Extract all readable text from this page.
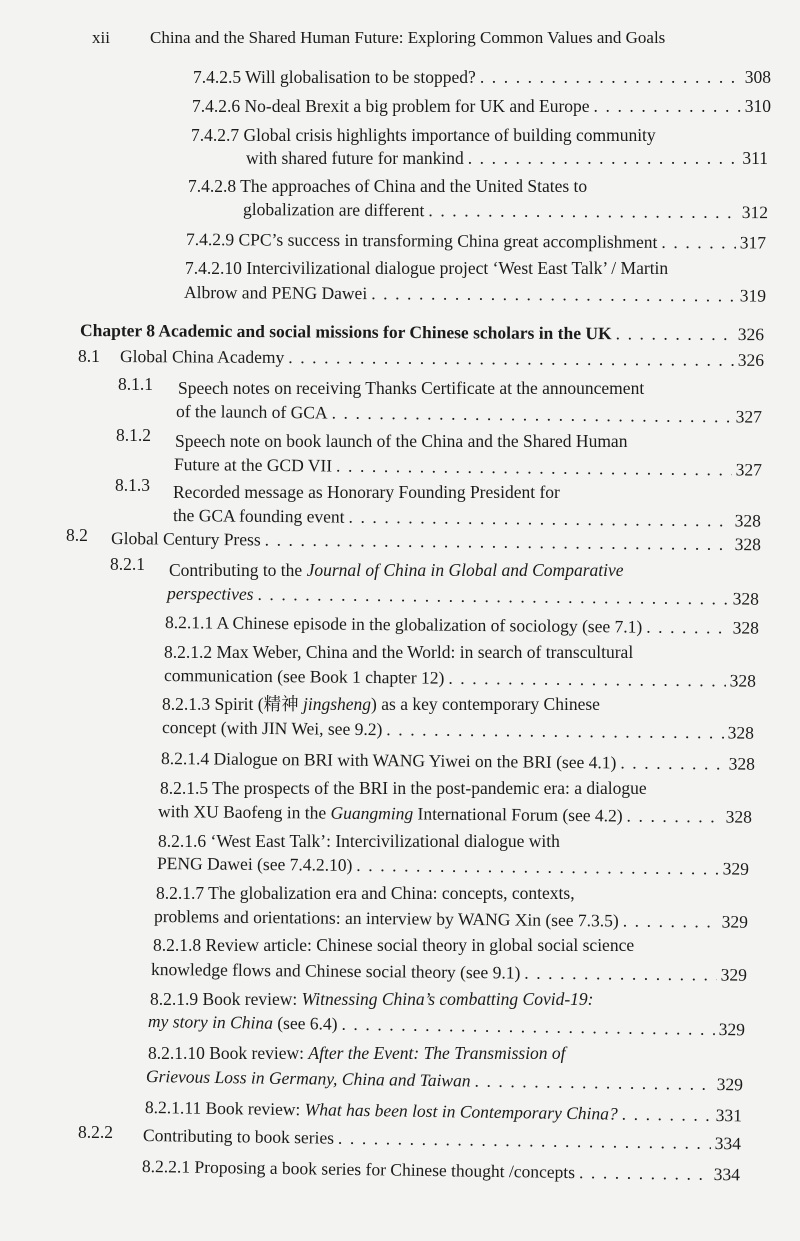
xii China and the Shared Human Future: Exploring Common Values and Goals
7.4.2.5 Will globalisation to be stopped? . . .	308
7.4.2.6 No-deal Brexit a big problem for UK and Europe . . .	310
7.4.2.7 Global crisis highlights importance of building community
with shared future for mankind . . .	311
7.4.2.8 The approaches of China and the United States to
globalization are different . . .	312
7.4.2.9 CPC’s success in transforming China great accomplishment . . .	317
7.4.2.10 Intercivilizational dialogue project ‘West East Talk’ / Martin
Albrow and PENG Dawei . . .	319
Chapter 8 Academic and social missions for Chinese scholars in the UK . . .	326
8.1 Global China Academy . . .	326
8.1.1 Speech notes on receiving Thanks Certificate at the announcement
of the launch of GCA . . .	327
8.1.2 Speech note on book launch of the China and the Shared Human
Future at the GCD VII . . .	327
8.1.3 Recorded message as Honorary Founding President for
the GCA founding event . . .	328
8.2 Global Century Press . . .	328
8.2.1 Contributing to the Journal of China in Global and Comparative
perspectives . . .	328
8.2.1.1 A Chinese episode in the globalization of sociology (see 7.1) . . .	328
8.2.1.2 Max Weber, China and the World: in search of transcultural
communication (see Book 1 chapter 12) . . .	328
8.2.1.3 Spirit (精神 jingsheng) as a key contemporary Chinese
concept (with JIN Wei, see 9.2) . . .	328
8.2.1.4 Dialogue on BRI with WANG Yiwei on the BRI (see 4.1) . . .	328
8.2.1.5 The prospects of the BRI in the post-pandemic era: a dialogue
with XU Baofeng in the Guangming International Forum (see 4.2) . . .	328
8.2.1.6 ‘West East Talk’: Intercivilizational dialogue with
PENG Dawei (see 7.4.2.10) . . .	329
8.2.1.7 The globalization era and China: concepts, contexts,
problems and orientations: an interview by WANG Xin (see 7.3.5) . . .	329
8.2.1.8 Review article: Chinese social theory in global social science
knowledge flows and Chinese social theory (see 9.1) . . .	329
8.2.1.9 Book review: Witnessing China’s combatting Covid-19:
my story in China (see 6.4) . . .	329
8.2.1.10 Book review: After the Event: The Transmission of
Grievous Loss in Germany, China and Taiwan . . .	329
8.2.1.11 Book review: What has been lost in Contemporary China? . . .	331
8.2.2 Contributing to book series . . .	334
8.2.2.1 Proposing a book series for Chinese thought /concepts . . .	334
